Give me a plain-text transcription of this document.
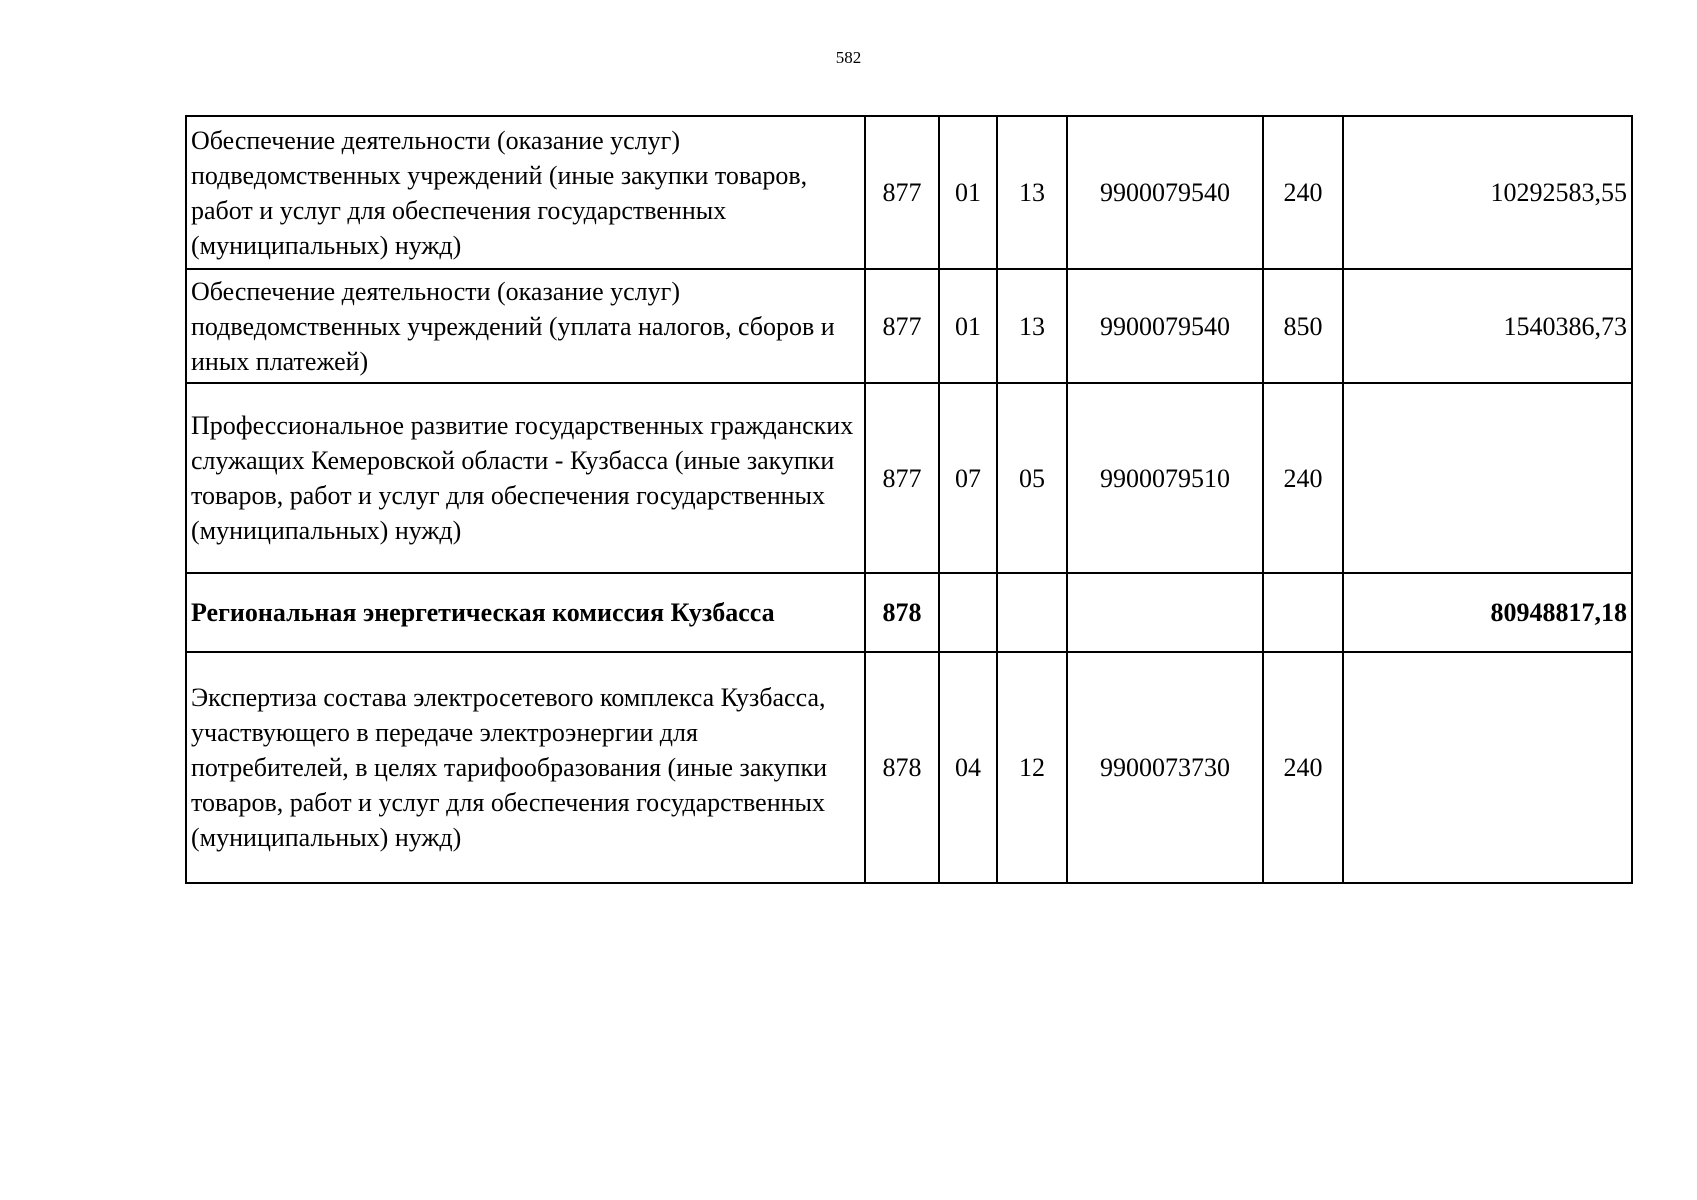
582
Обеспечение деятельности (оказание услуг) подведомственных учреждений (иные закупки товаров, работ и услуг для обеспечения государственных (муниципальных) нужд)	877	01	13	9900079540	240	10292583,55
Обеспечение деятельности (оказание услуг) подведомственных учреждений (уплата налогов, сборов и иных платежей)	877	01	13	9900079540	850	1540386,73
Профессиональное развитие государственных гражданских служащих Кемеровской области - Кузбасса (иные закупки товаров, работ и услуг для обеспечения государственных (муниципальных) нужд)	877	07	05	9900079510	240	
Региональная энергетическая комиссия Кузбасса	878					80948817,18
Экспертиза состава электросетевого комплекса Кузбасса, участвующего в передаче электроэнергии для потребителей, в целях тарифообразования (иные закупки товаров, работ и услуг для обеспечения государственных (муниципальных) нужд)	878	04	12	9900073730	240	
